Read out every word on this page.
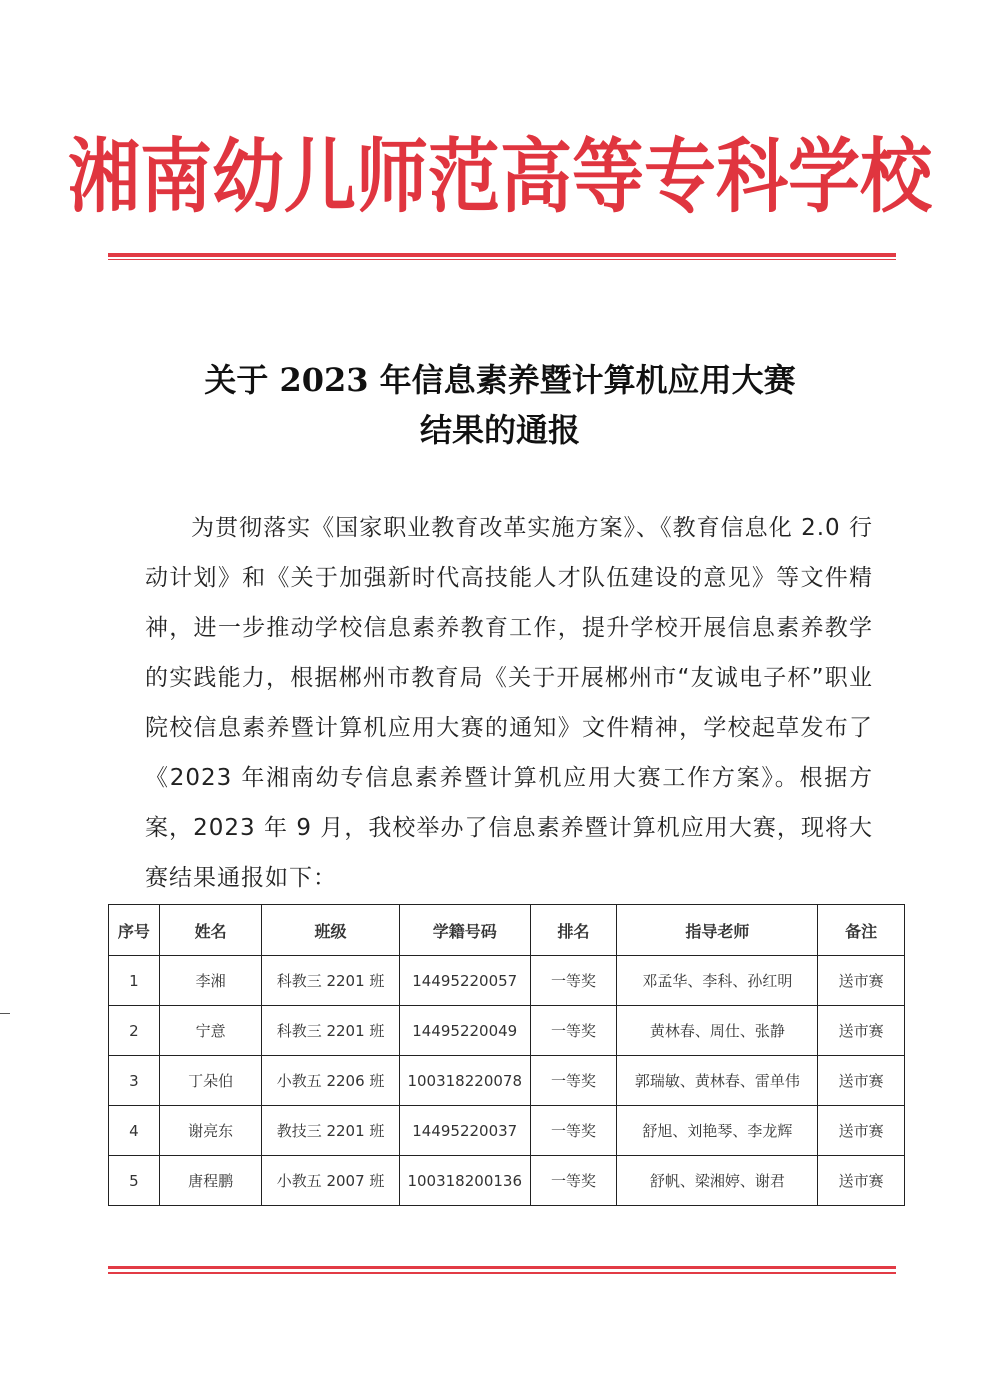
湘南幼儿师范高等专科学校
关于 2023 年信息素养暨计算机应用大赛
结果的通报
为贯彻落实《国家职业教育改革实施方案》、《教育信息化 2.0 行动计划》和《关于加强新时代高技能人才队伍建设的意见》等文件精神，进一步推动学校信息素养教育工作，提升学校开展信息素养教学的实践能力，根据郴州市教育局《关于开展郴州市“友诚电子杯”职业院校信息素养暨计算机应用大赛的通知》文件精神，学校起草发布了《2023 年湘南幼专信息素养暨计算机应用大赛工作方案》。根据方案，2023 年 9 月，我校举办了信息素养暨计算机应用大赛，现将大赛结果通报如下：
序号	姓名	班级	学籍号码	排名	指导老师	备注
1	李湘	科教三 2201 班	14495220057	一等奖	邓孟华、李科、孙红明	送市赛
2	宁意	科教三 2201 班	14495220049	一等奖	黄林春、周仕、张静	送市赛
3	丁朵伯	小教五 2206 班	100318220078	一等奖	郭瑞敏、黄林春、雷单伟	送市赛
4	谢亮东	教技三 2201 班	14495220037	一等奖	舒旭、刘艳琴、李龙辉	送市赛
5	唐程鹏	小教五 2007 班	100318200136	一等奖	舒帆、梁湘婷、谢君	送市赛
